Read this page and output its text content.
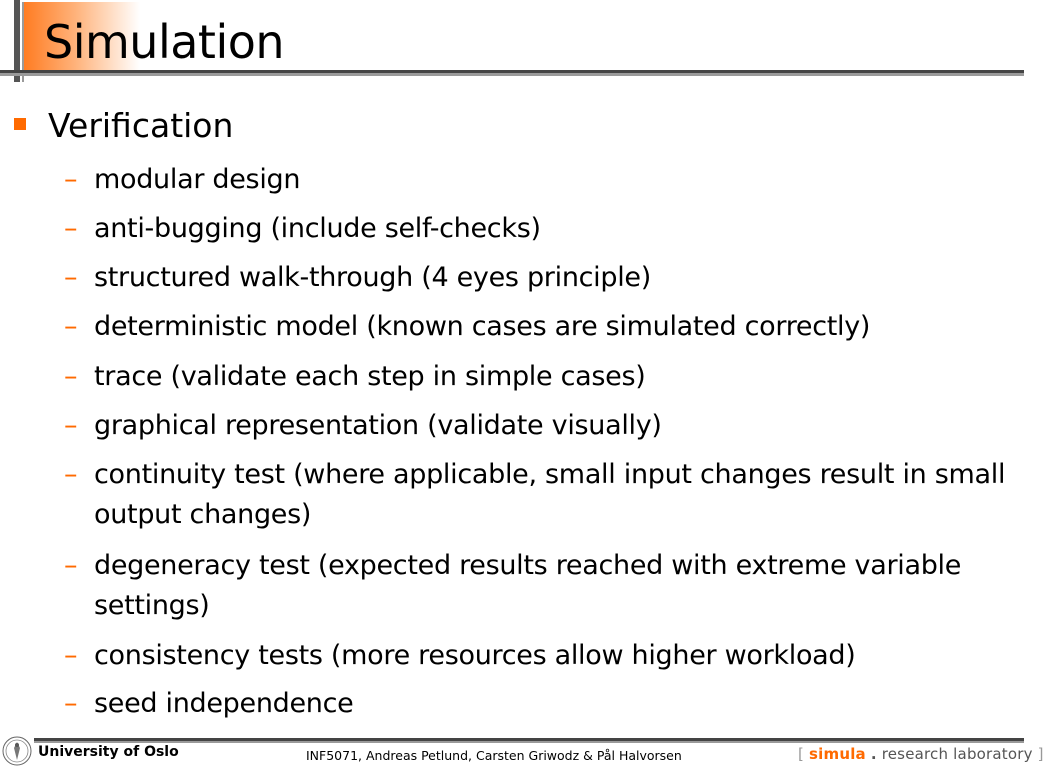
Simulation
Verification
– modular design
– anti-bugging (include self-checks)
– structured walk-through (4 eyes principle)
– deterministic model (known cases are simulated correctly)
– trace (validate each step in simple cases)
– graphical representation (validate visually)
– continuity test (where applicable, small input changes result in small output changes)
– degeneracy test (expected results reached with extreme variable settings)
– consistency tests (more resources allow higher workload)
– seed independence
University of Oslo	INF5071, Andreas Petlund, Carsten Griwodz & Pål Halvorsen	[ simula . research laboratory ]
